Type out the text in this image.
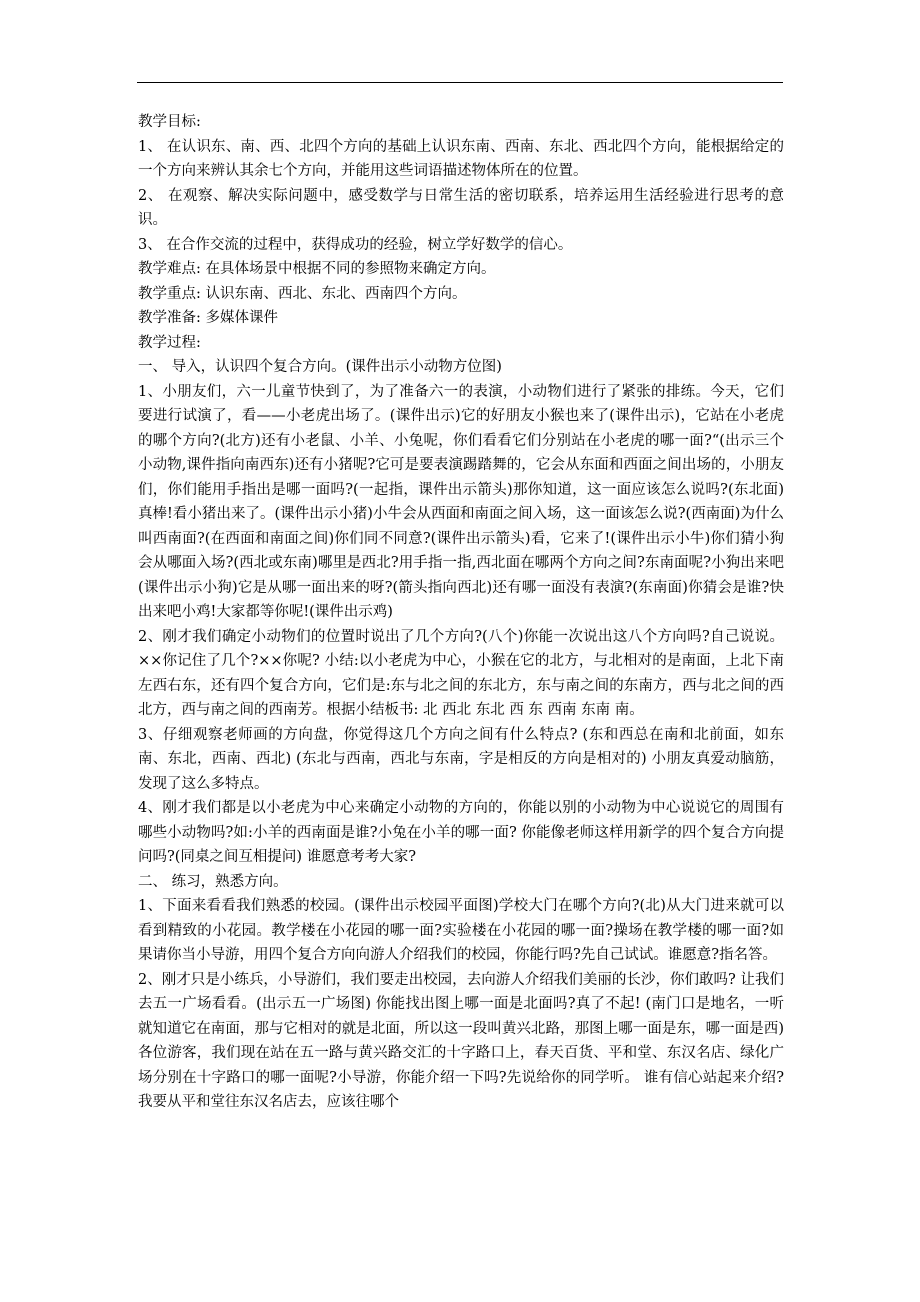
教学目标:

1、 在认识东、南、西、北四个方向的基础上认识东南、西南、东北、西北四个方向，能根据给定的一个方向来辨认其余七个方向，并能用这些词语描述物体所在的位置。

2、 在观察、解决实际问题中，感受数学与日常生活的密切联系，培养运用生活经验进行思考的意识。

3、 在合作交流的过程中，获得成功的经验，树立学好数学的信心。

教学难点: 在具体场景中根据不同的参照物来确定方向。

教学重点: 认识东南、西北、东北、西南四个方向。

教学准备: 多媒体课件

教学过程:

一、 导入，认识四个复合方向。(课件出示小动物方位图)

1、小朋友们，六一儿童节快到了，为了准备六一的表演，小动物们进行了紧张的排练。今天，它们要进行试演了，看——小老虎出场了。(课件出示)它的好朋友小猴也来了(课件出示)，它站在小老虎的哪个方向?(北方)还有小老鼠、小羊、小兔呢，你们看看它们分别站在小老虎的哪一面?“(出示三个小动物,课件指向南西东)还有小猪呢?它可是要表演踢踏舞的，它会从东面和西面之间出场的，小朋友们，你们能用手指出是哪一面吗?(一起指，课件出示箭头)那你知道，这一面应该怎么说吗?(东北面)真棒!看小猪出来了。(课件出示小猪)小牛会从西面和南面之间入场，这一面该怎么说?(西南面)为什么叫西南面?(在西面和南面之间)你们同不同意?(课件出示箭头)看，它来了!(课件出示小牛)你们猜小狗会从哪面入场?(西北或东南)哪里是西北?用手指一指,西北面在哪两个方向之间?东南面呢?小狗出来吧(课件出示小狗)它是从哪一面出来的呀?(箭头指向西北)还有哪一面没有表演?(东南面)你猜会是谁?快出来吧小鸡!大家都等你呢!(课件出示鸡)

2、刚才我们确定小动物们的位置时说出了几个方向?(八个)你能一次说出这八个方向吗?自己说说。××你记住了几个?××你呢? 小结:以小老虎为中心，小猴在它的北方，与北相对的是南面，上北下南左西右东，还有四个复合方向，它们是:东与北之间的东北方，东与南之间的东南方，西与北之间的西北方，西与南之间的西南芳。根据小结板书: 北 西北 东北 西 东 西南 东南 南。

3、仔细观察老师画的方向盘，你觉得这几个方向之间有什么特点? (东和西总在南和北前面，如东南、东北，西南、西北) (东北与西南，西北与东南，字是相反的方向是相对的) 小朋友真爱动脑筋，发现了这么多特点。

4、刚才我们都是以小老虎为中心来确定小动物的方向的，你能以别的小动物为中心说说它的周围有哪些小动物吗?如:小羊的西南面是谁?小兔在小羊的哪一面? 你能像老师这样用新学的四个复合方向提问吗?(同桌之间互相提问) 谁愿意考考大家?

二、 练习，熟悉方向。

1、下面来看看我们熟悉的校园。(课件出示校园平面图)学校大门在哪个方向?(北)从大门进来就可以看到精致的小花园。教学楼在小花园的哪一面?实验楼在小花园的哪一面?操场在教学楼的哪一面?如果请你当小导游，用四个复合方向向游人介绍我们的校园，你能行吗?先自己试试。谁愿意?指名答。

2、刚才只是小练兵，小导游们，我们要走出校园，去向游人介绍我们美丽的长沙，你们敢吗? 让我们去五一广场看看。(出示五一广场图) 你能找出图上哪一面是北面吗?真了不起! (南门口是地名，一听就知道它在南面，那与它相对的就是北面，所以这一段叫黄兴北路，那图上哪一面是东，哪一面是西) 各位游客，我们现在站在五一路与黄兴路交汇的十字路口上，春天百货、平和堂、东汉名店、绿化广场分别在十字路口的哪一面呢?小导游，你能介绍一下吗?先说给你的同学听。 谁有信心站起来介绍? 我要从平和堂往东汉名店去，应该往哪个
